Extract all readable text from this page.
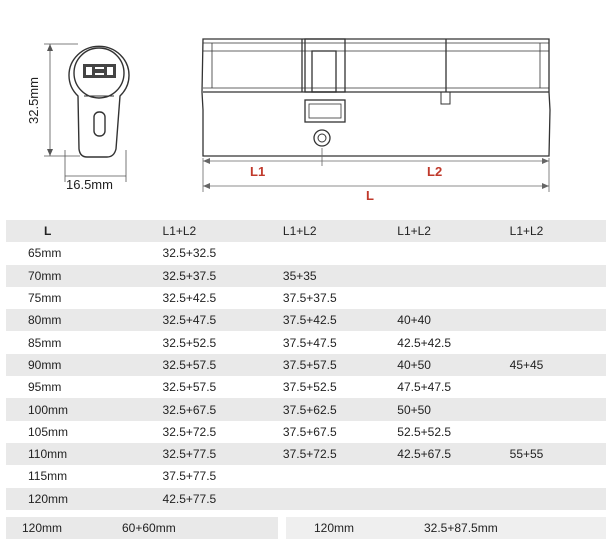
32.5mm
16.5mm
L1	L2
L
L	L1+L2	L1+L2	L1+L2	L1+L2
65mm	32.5+32.5			
70mm	32.5+37.5	35+35		
75mm	32.5+42.5	37.5+37.5		
80mm	32.5+47.5	37.5+42.5	40+40	
85mm	32.5+52.5	37.5+47.5	42.5+42.5	
90mm	32.5+57.5	37.5+57.5	40+50	45+45
95mm	32.5+57.5	37.5+52.5	47.5+47.5	
100mm	32.5+67.5	37.5+62.5	50+50	
105mm	32.5+72.5	37.5+67.5	52.5+52.5	
110mm	32.5+77.5	37.5+72.5	42.5+67.5	55+55
115mm	37.5+77.5			
120mm	42.5+77.5			
120mm	60+60mm	120mm	32.5+87.5mm
